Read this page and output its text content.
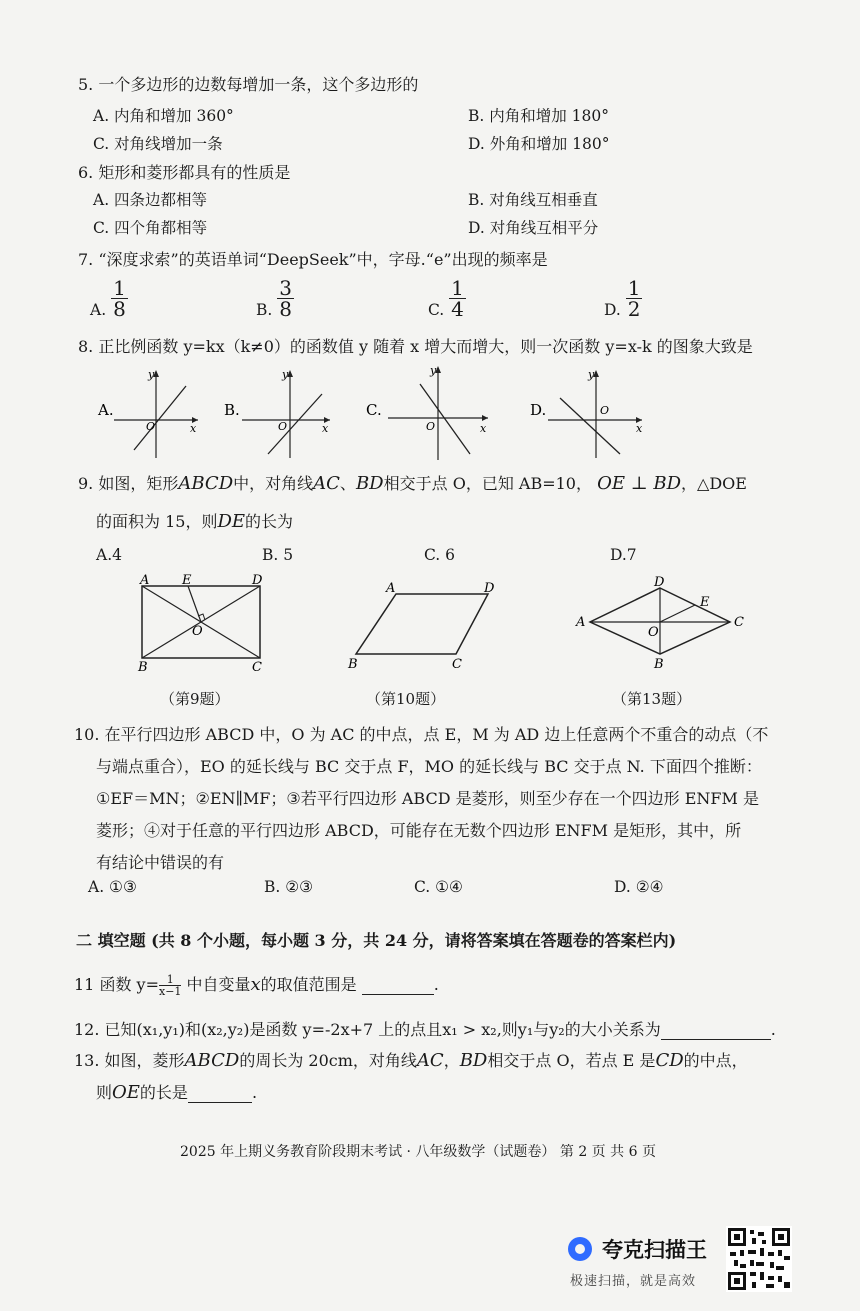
5. 一个多边形的边数每增加一条，这个多边形的
A. 内角和增加 360°	B. 内角和增加 180°
C. 对角线增加一条	D. 外角和增加 180°
6. 矩形和菱形都具有的性质是
A. 四条边都相等	B. 对角线互相垂直
C. 四个角都相等	D. 对角线互相平分
7. “深度求索”的英语单词“DeepSeek”中，字母.“e”出现的频率是
A. $\frac{1}{8}$	B. $\frac{3}{8}$	C. $\frac{1}{4}$	D. $\frac{1}{2}$
8. 正比例函数 y=kx（k≠0）的函数值 y 随着 x 增大而增大，则一次函数 y=x-k 的图象大致是
A.
x
y
O
B.
x
y
O
C.
x
y
O
D.
x
y
O
9. 如图，矩形ABCD中，对角线AC、BD相交于点 O，已知 AB=10， OE ⊥ BD，△DOE
的面积为 15，则DE的长为
A.4	B. 5	C. 6	D.7
A	E	D
O
B	C
A	D
B	C
D
E
A
O
C
B
（第9题）	（第10题）	（第13题）
10. 在平行四边形 ABCD 中，O 为 AC 的中点，点 E，M 为 AD 边上任意两个不重合的动点（不
与端点重合），EO 的延长线与 BC 交于点 F，MO 的延长线与 BC 交于点 N. 下面四个推断：
①EF＝MN；②EN∥MF；③若平行四边形 ABCD 是菱形，则至少存在一个四边形 ENFM 是
菱形；④对于任意的平行四边形 ABCD，可能存在无数个四边形 ENFM 是矩形，其中，所
有结论中错误的有
A. ①③	B. ②③	C. ①④	D. ②④
二 填空题 (共 8 个小题，每小题 3 分，共 24 分，请将答案填在答题卷的答案栏内)
11 函数 $y= \frac{1}{x-1}$ 中自变量x的取值范围是	.
12. 已知(x₁,y₁)和(x₂,y₂)是函数 y=-2x+7 上的点且x₁ > x₂,则y₁与y₂的大小关系为	.
13. 如图，菱形ABCD的周长为 20cm，对角线AC，BD相交于点 O，若点 E 是CD的中点，
则OE的长是	.
2025 年上期义务教育阶段期末考试 · 八年级数学（试题卷） 第 2 页 共 6 页
夸克扫描王
极速扫描，就是高效
